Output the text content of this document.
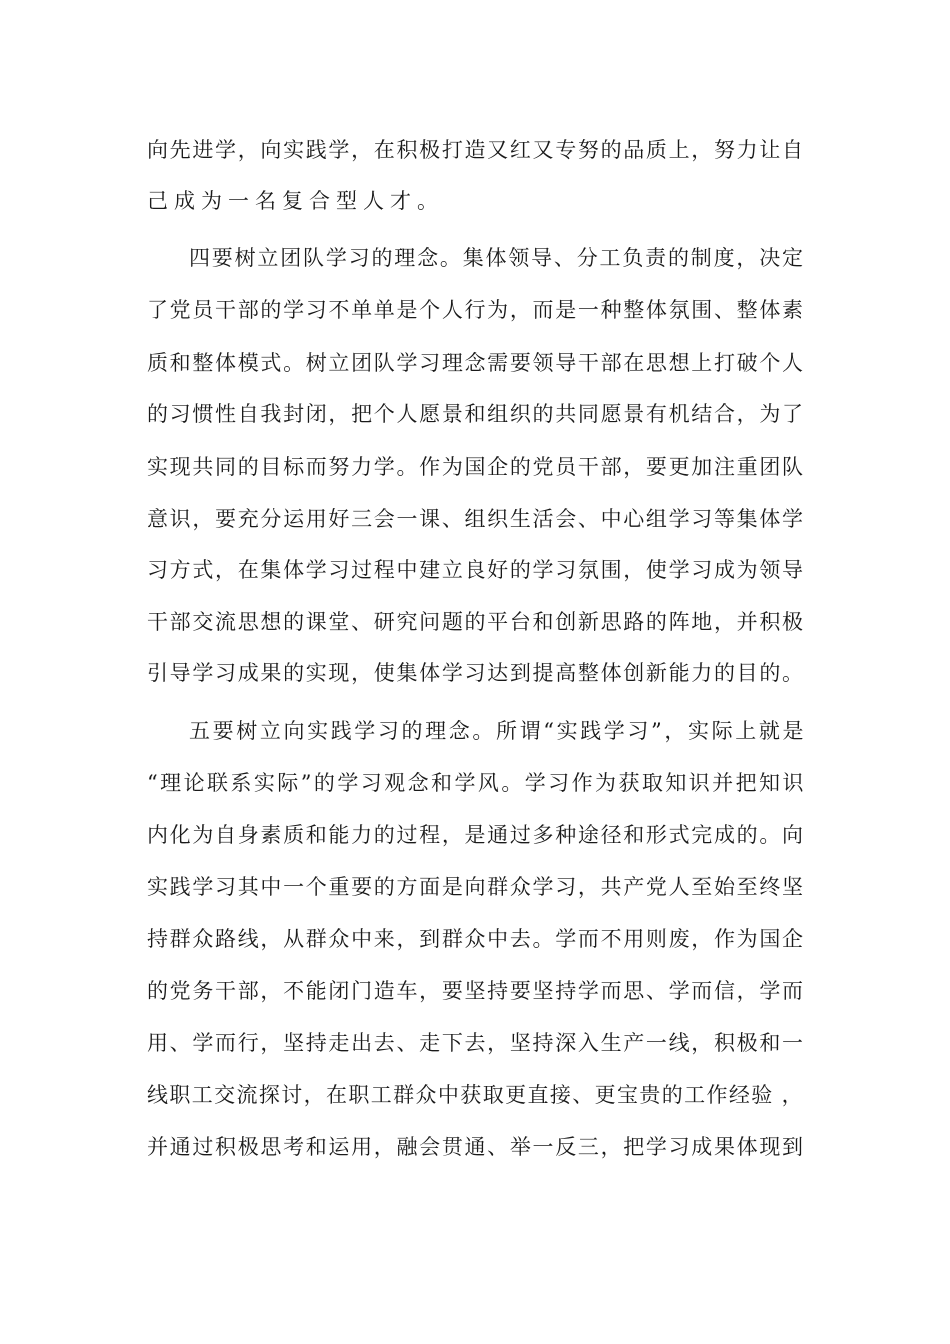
向先进学，向实践学，在积极打造又红又专努的品质上，努力让自
己成为一名复合型人才。
四要树立团队学习的理念。集体领导、分工负责的制度，决定
了党员干部的学习不单单是个人行为，而是一种整体氛围、整体素
质和整体模式。树立团队学习理念需要领导干部在思想上打破个人
的习惯性自我封闭，把个人愿景和组织的共同愿景有机结合，为了
实现共同的目标而努力学。作为国企的党员干部，要更加注重团队
意识，要充分运用好三会一课、组织生活会、中心组学习等集体学
习方式，在集体学习过程中建立良好的学习氛围，使学习成为领导
干部交流思想的课堂、研究问题的平台和创新思路的阵地，并积极
引导学习成果的实现，使集体学习达到提高整体创新能力的目的。
五要树立向实践学习的理念。所谓“实践学习”，实际上就是
“理论联系实际”的学习观念和学风。学习作为获取知识并把知识
内化为自身素质和能力的过程，是通过多种途径和形式完成的。向
实践学习其中一个重要的方面是向群众学习，共产党人至始至终坚
持群众路线，从群众中来，到群众中去。学而不用则废，作为国企
的党务干部，不能闭门造车，要坚持要坚持学而思、学而信，学而
用、学而行，坚持走出去、走下去，坚持深入生产一线，积极和一
线职工交流探讨，在职工群众中获取更直接、更宝贵的工作经验 ，
并通过积极思考和运用，融会贯通、举一反三，把学习成果体现到
